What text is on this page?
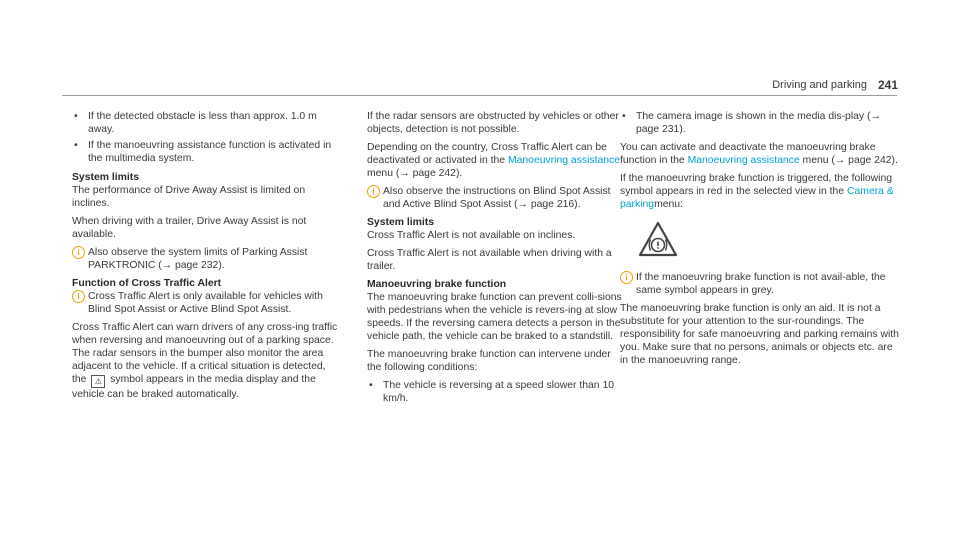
Driving and parking 241
• If the detected obstacle is less than approx. 1.0 m away.
• If the manoeuvring assistance function is activated in the multimedia system.

System limits

The performance of Drive Away Assist is limited on inclines.

When driving with a trailer, Drive Away Assist is not available.

i Also observe the system limits of Parking Assist PARKTRONIC (→ page 232).

Function of Cross Traffic Alert

i Cross Traffic Alert is only available for vehicles with Blind Spot Assist or Active Blind Spot Assist.

Cross Traffic Alert can warn drivers of any cross-ing traffic when reversing and manoeuvring out of a parking space. The radar sensors in the bumper also monitor the area adjacent to the vehicle. If a critical situation is detected, the ⚠ symbol appears in the media display and the vehicle can be braked automatically.

If the radar sensors are obstructed by vehicles or other objects, detection is not possible.

Depending on the country, Cross Traffic Alert can be deactivated or activated in the Manoeuvring assistance menu (→ page 242).

i Also observe the instructions on Blind Spot Assist and Active Blind Spot Assist (→ page 216).

System limits

Cross Traffic Alert is not available on inclines.

Cross Traffic Alert is not available when driving with a trailer.

Manoeuvring brake function

The manoeuvring brake function can prevent colli-sions with pedestrians when the vehicle is revers-ing at slow speeds. If the reversing camera detects a person in the vehicle path, the vehicle can be braked to a standstill.

The manoeuvring brake function can intervene under the following conditions:

• The vehicle is reversing at a speed slower than 10 km/h.
• The camera image is shown in the media dis-play (→ page 231).

You can activate and deactivate the manoeuvring brake function in the Manoeuvring assistance menu (→ page 242).

If the manoeuvring brake function is triggered, the following symbol appears in red in the selected view in the Camera & parkingmenu:

i If the manoeuvring brake function is not avail-able, the same symbol appears in grey.

The manoeuvring brake function is only an aid. It is not a substitute for your attention to the sur-roundings. The responsibility for safe manoeuvring and parking remains with you. Make sure that no persons, animals or objects etc. are in the manoeuvring range.
